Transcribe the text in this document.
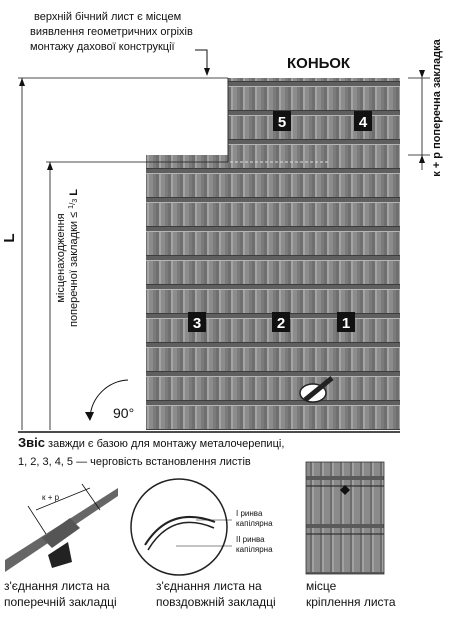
5	4
3	2	1
верхній бічний лист є місцем
виявлення геометричних огріхів
монтажу дахової конструкції
КОНЬОК
L	місценаходження поперечної закладки ≤ $^1$/3 L
к + р поперечна закладка
90°
Звіс завжди є базою для монтажу металочерепиці,
1, 2, 3, 4, 5 — черговість встановлення листів
к + р
І ринва
капілярна
ІІ ринва
капілярна
з'єднання листа на
поперечній закладці
з'єднання листа на
повздовжній закладці
місце
кріплення листа
